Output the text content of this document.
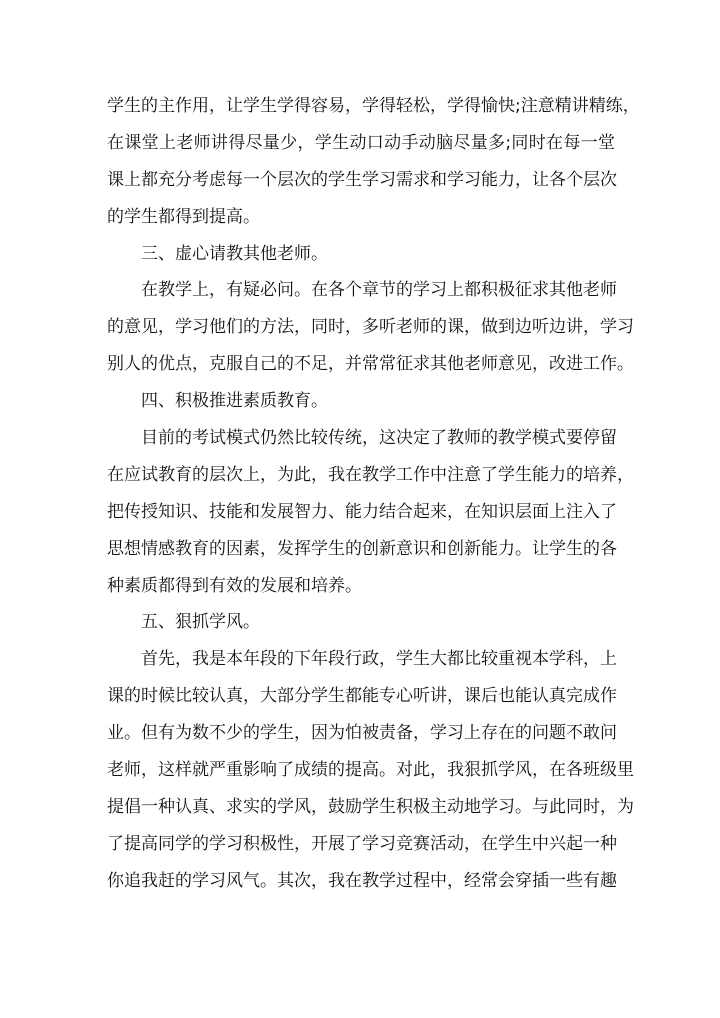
学生的主作用，让学生学得容易，学得轻松，学得愉快;注意精讲精练，
在课堂上老师讲得尽量少，学生动口动手动脑尽量多;同时在每一堂
课上都充分考虑每一个层次的学生学习需求和学习能力，让各个层次
的学生都得到提高。
三、虚心请教其他老师。
在教学上，有疑必问。在各个章节的学习上都积极征求其他老师
的意见，学习他们的方法，同时，多听老师的课，做到边听边讲，学习
别人的优点，克服自己的不足，并常常征求其他老师意见，改进工作。
四、积极推进素质教育。
目前的考试模式仍然比较传统，这决定了教师的教学模式要停留
在应试教育的层次上，为此，我在教学工作中注意了学生能力的培养，
把传授知识、技能和发展智力、能力结合起来，在知识层面上注入了
思想情感教育的因素，发挥学生的创新意识和创新能力。让学生的各
种素质都得到有效的发展和培养。
五、狠抓学风。
首先，我是本年段的下年段行政，学生大都比较重视本学科，上
课的时候比较认真，大部分学生都能专心听讲，课后也能认真完成作
业。但有为数不少的学生，因为怕被责备，学习上存在的问题不敢问
老师，这样就严重影响了成绩的提高。对此，我狠抓学风，在各班级里
提倡一种认真、求实的学风，鼓励学生积极主动地学习。与此同时，为
了提高同学的学习积极性，开展了学习竞赛活动，在学生中兴起一种
你追我赶的学习风气。其次，我在教学过程中，经常会穿插一些有趣
